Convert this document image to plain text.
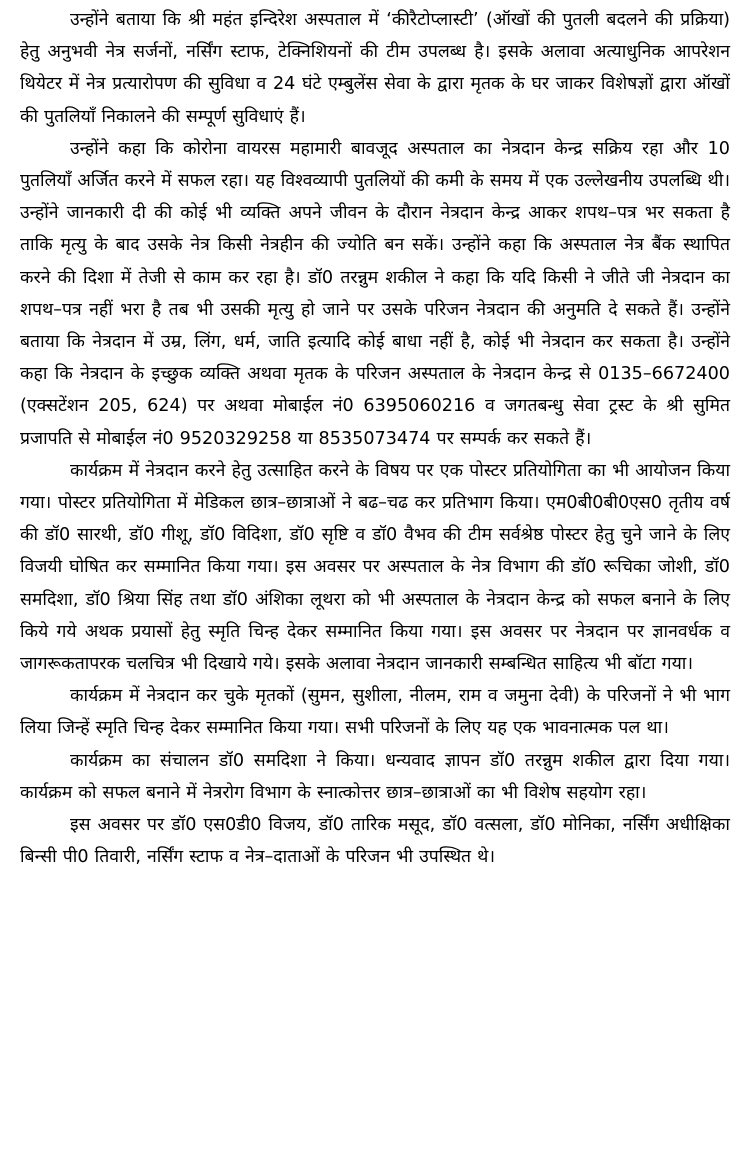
उन्होंने बताया कि श्री महंत इन्दिरेश अस्पताल में ‘कीरैटोप्लास्टी’ (ऑखों की पुतली बदलने की प्रक्रिया) हेतु अनुभवी नेत्र सर्जनों, नर्सिंग स्टाफ, टेक्निशियनों की टीम उपलब्ध है। इसके अलावा अत्याधुनिक आपरेशन थियेटर में नेत्र प्रत्यारोपण की सुविधा व 24 घंटे एम्बुलेंस सेवा के द्वारा मृतक के घर जाकर विशेषज्ञों द्वारा ऑखों की पुतलियॉं निकालने की सम्पूर्ण सुविधाएं हैं।

उन्होंने कहा कि कोरोना वायरस महामारी बावजूद अस्पताल का नेत्रदान केन्द्र सक्रिय रहा और 10 पुतलियॉं अर्जित करने में सफल रहा। यह विश्वव्यापी पुतलियों की कमी के समय में एक उल्लेखनीय उपलब्धि थी। उन्होंने जानकारी दी की कोई भी व्यक्ति अपने जीवन के दौरान नेत्रदान केन्द्र आकर शपथ–पत्र भर सकता है ताकि मृत्यु के बाद उसके नेत्र किसी नेत्रहीन की ज्योति बन सकें। उन्होंने कहा कि अस्पताल नेत्र बैंक स्थापित करने की दिशा में तेजी से काम कर रहा है। डॉ0 तरन्नुम शकील ने कहा कि यदि किसी ने जीते जी नेत्रदान का शपथ–पत्र नहीं भरा है तब भी उसकी मृत्यु हो जाने पर उसके परिजन नेत्रदान की अनुमति दे सकते हैं। उन्होंने बताया कि नेत्रदान में उम्र, लिंग, धर्म, जाति इत्यादि कोई बाधा नहीं है, कोई भी नेत्रदान कर सकता है। उन्होंने कहा कि नेत्रदान के इच्छुक व्यक्ति अथवा मृतक के परिजन अस्पताल के नेत्रदान केन्द्र से 0135–6672400 (एक्सटेंशन 205, 624) पर अथवा मोबाईल नं0 6395060216 व जगतबन्धु सेवा ट्रस्ट के श्री सुमित प्रजापति से मोबाईल नं0 9520329258 या 8535073474 पर सम्पर्क कर सकते हैं।

कार्यक्रम में नेत्रदान करने हेतु उत्साहित करने के विषय पर एक पोस्टर प्रतियोगिता का भी आयोजन किया गया। पोस्टर प्रतियोगिता में मेडिकल छात्र–छात्राओं ने बढ–चढ कर प्रतिभाग किया। एम0बी0बी0एस0 तृतीय वर्ष की डॉ0 सारथी, डॉ0 गीशू, डॉ0 विदिशा, डॉ0 सृष्टि व डॉ0 वैभव की टीम सर्वश्रेष्ठ पोस्टर हेतु चुने जाने के लिए विजयी घोषित कर सम्मानित किया गया। इस अवसर पर अस्पताल के नेत्र विभाग की डॉ0 रूचिका जोशी, डॉ0 समदिशा, डॉ0 श्रिया सिंह तथा डॉ0 अंशिका लूथरा को भी अस्पताल के नेत्रदान केन्द्र को सफल बनाने के लिए किये गये अथक प्रयासों हेतु स्मृति चिन्ह देकर सम्मानित किया गया। इस अवसर पर नेत्रदान पर ज्ञानवर्धक व जागरूकतापरक चलचित्र भी दिखाये गये। इसके अलावा नेत्रदान जानकारी सम्बन्धित साहित्य भी बॉटा गया।

कार्यक्रम में नेत्रदान कर चुके मृतकों (सुमन, सुशीला, नीलम, राम व जमुना देवी) के परिजनों ने भी भाग लिया जिन्हें स्मृति चिन्ह देकर सम्मानित किया गया। सभी परिजनों के लिए यह एक भावनात्मक पल था।

कार्यक्रम का संचालन डॉ0 समदिशा ने किया। धन्यवाद ज्ञापन डॉ0 तरन्नुम शकील द्वारा दिया गया। कार्यक्रम को सफल बनाने में नेत्ररोग विभाग के स्नात्कोत्तर छात्र–छात्राओं का भी विशेष सहयोग रहा।

इस अवसर पर डॉ0 एस0डी0 विजय, डॉ0 तारिक मसूद, डॉ0 वत्सला, डॉ0 मोनिका, नर्सिंग अधीक्षिका बिन्सी पी0 तिवारी, नर्सिंग स्टाफ व नेत्र–दाताओं के परिजन भी उपस्थित थे।
